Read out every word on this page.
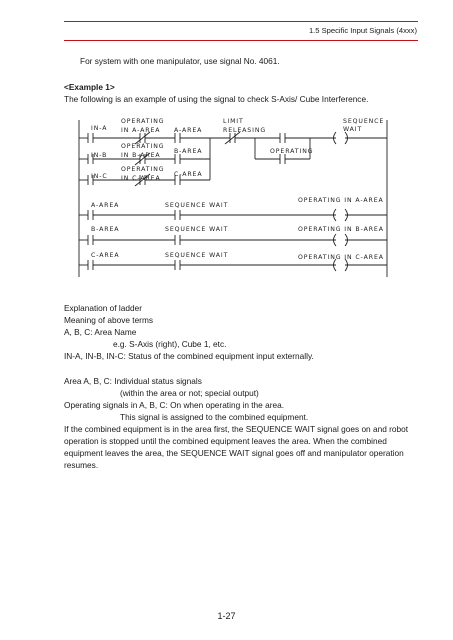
1.5 Specific Input Signals (4xxx)
For system with one manipulator, use signal No. 4061.
<Example 1>
The following is an example of using the signal to check S-Axis/ Cube Interference.
IN-A
OPERATING
IN A-AREA A-AREA
LIMIT
RELEASING
SEQUENCE
WAIT
IN-B
OPERATING
IN B-AREA
B-AREA	OPERATING
IN-C
OPERATING
IN C-AREA
C-AREA
A-AREA	SEQUENCE WAIT
OPERATING IN A-AREA
B-AREA	SEQUENCE WAIT	OPERATING IN B-AREA
C-AREA	SEQUENCE WAIT	OPERATING IN C-AREA
Explanation of ladder
Meaning of above terms
A, B, C: Area Name
e.g. S-Axis (right), Cube 1, etc.
IN-A, IN-B, IN-C: Status of the combined equipment input externally.
Area A, B, C: Individual status signals
(within the area or not; special output)
Operating signals in A, B, C: On when operating in the area.
This signal is assigned to the combined equipment.
If the combined equipment is in the area first, the SEQUENCE WAIT signal goes on and robot
operation is stopped until the combined equipment leaves the area. When the combined
equipment leaves the area, the SEQUENCE WAIT signal goes off and manipulator operation
resumes.
1-27
